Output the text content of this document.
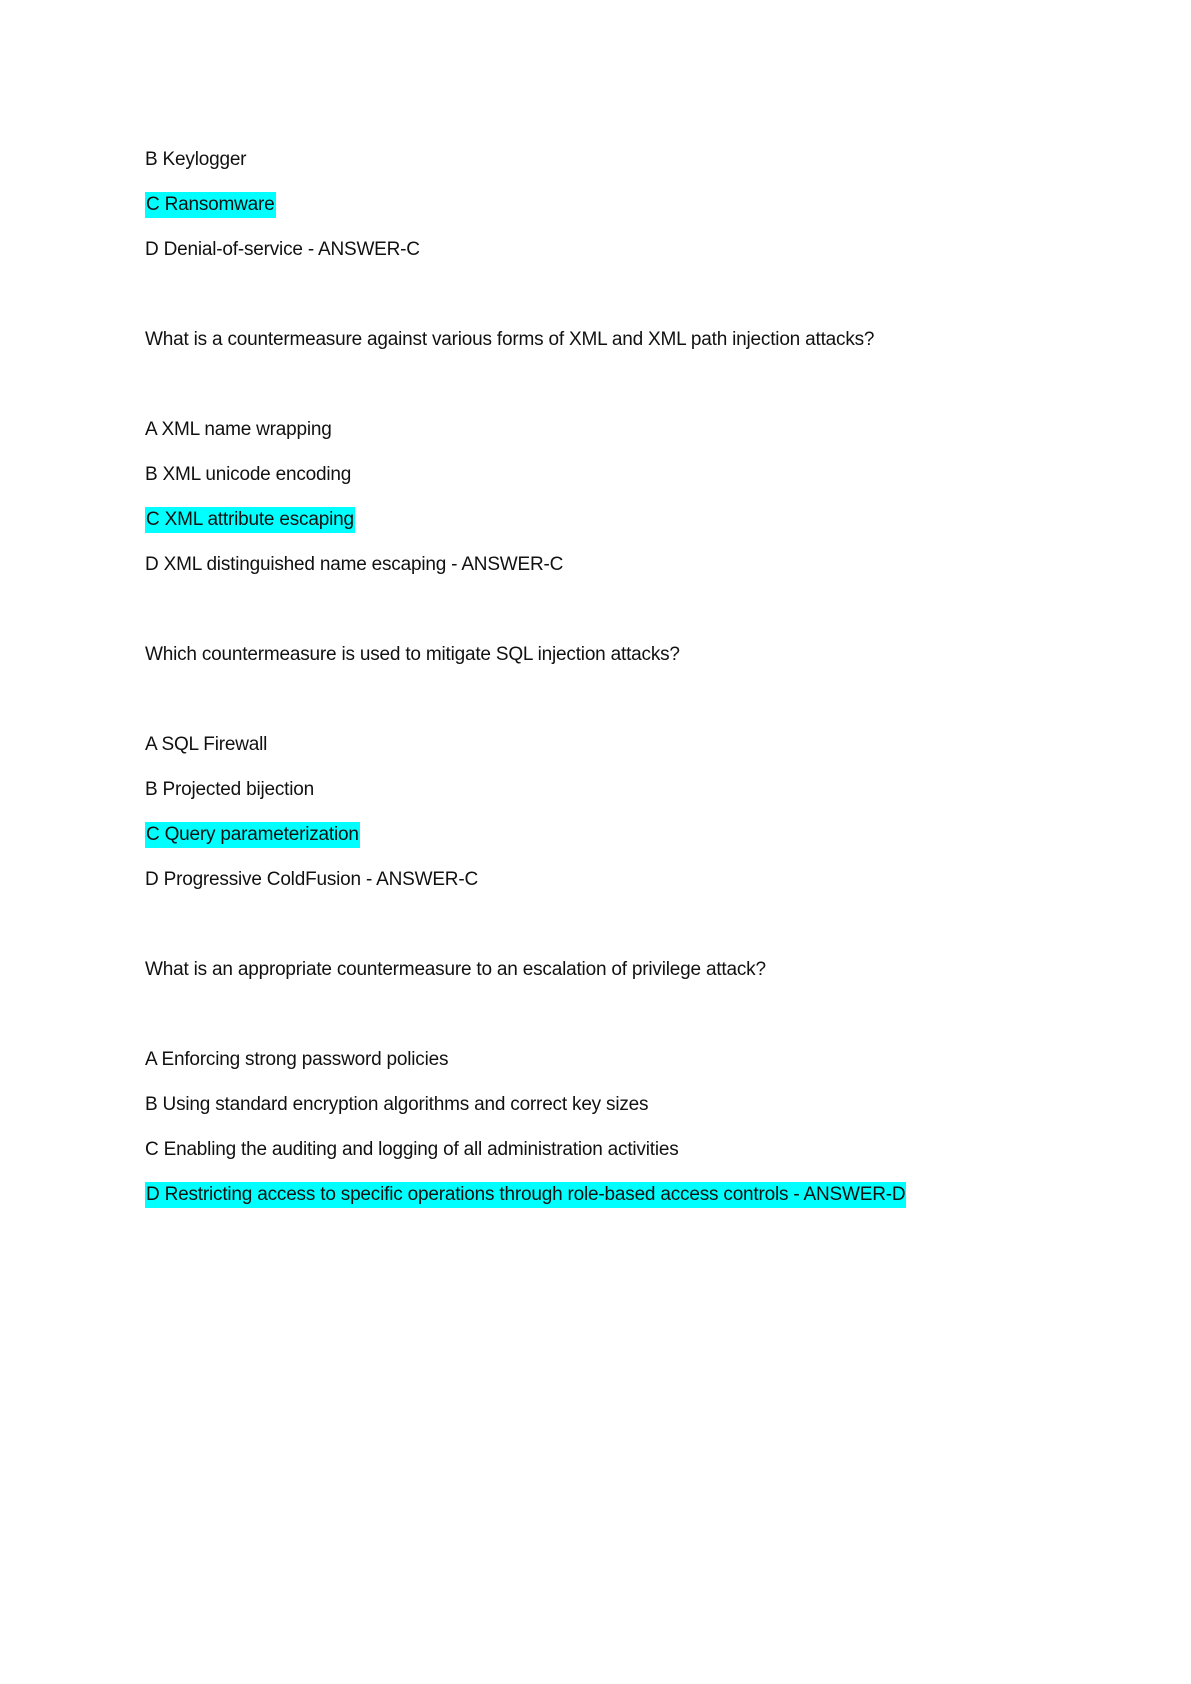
B Keylogger
C Ransomware
D Denial-of-service - ANSWER-C
What is a countermeasure against various forms of XML and XML path injection attacks?
A XML name wrapping
B XML unicode encoding
C XML attribute escaping
D XML distinguished name escaping - ANSWER-C
Which countermeasure is used to mitigate SQL injection attacks?
A SQL Firewall
B Projected bijection
C Query parameterization
D Progressive ColdFusion - ANSWER-C
What is an appropriate countermeasure to an escalation of privilege attack?
A Enforcing strong password policies
B Using standard encryption algorithms and correct key sizes
C Enabling the auditing and logging of all administration activities
D Restricting access to specific operations through role-based access controls - ANSWER-D
